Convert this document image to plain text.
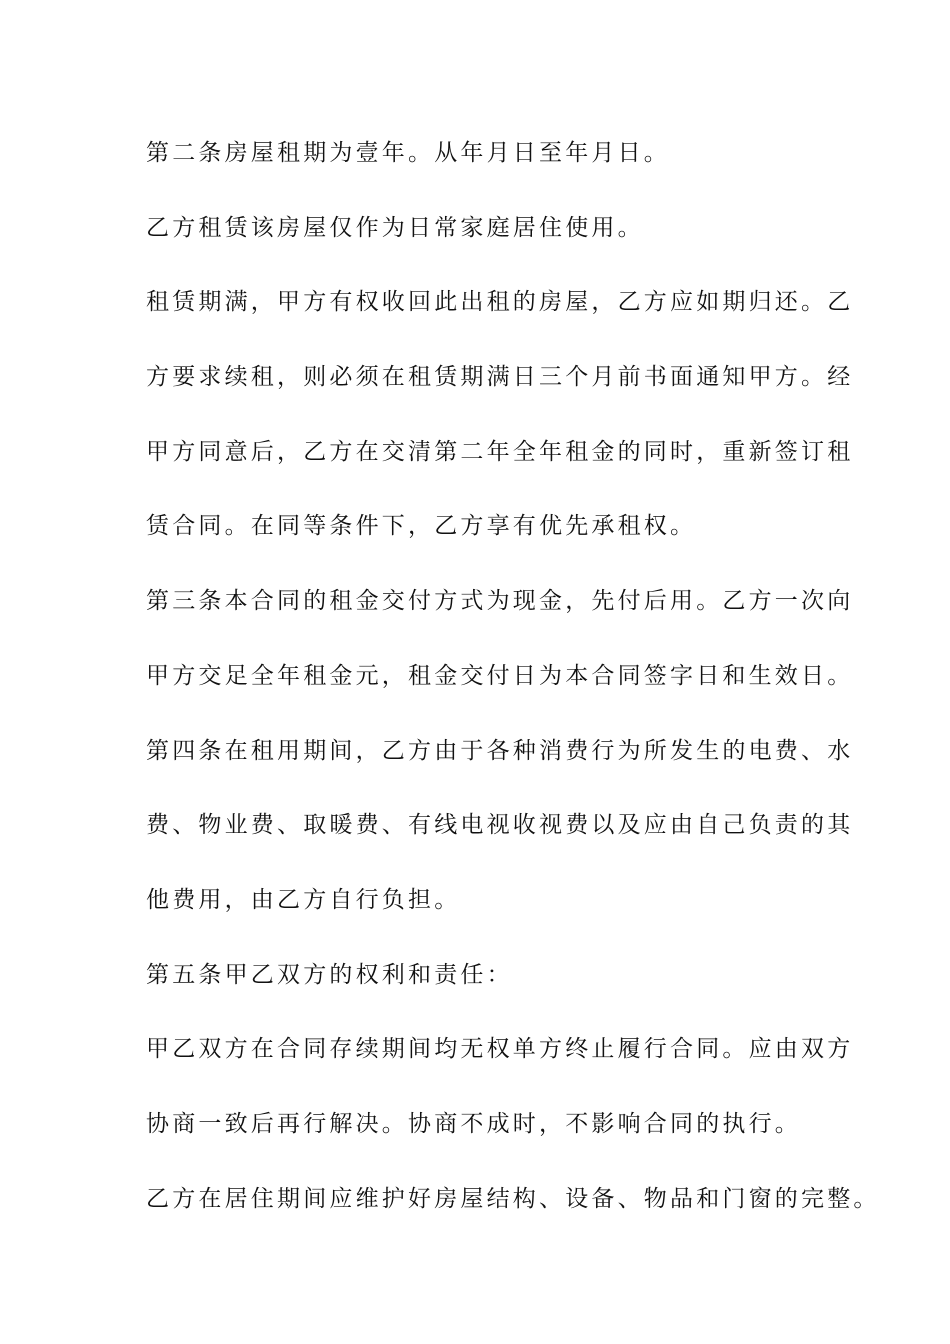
第二条房屋租期为壹年。从年月日至年月日。
乙方租赁该房屋仅作为日常家庭居住使用。
租赁期满，甲方有权收回此出租的房屋，乙方应如期归还。乙
方要求续租，则必须在租赁期满日三个月前书面通知甲方。经
甲方同意后，乙方在交清第二年全年租金的同时，重新签订租
赁合同。在同等条件下，乙方享有优先承租权。
第三条本合同的租金交付方式为现金，先付后用。乙方一次向
甲方交足全年租金元，租金交付日为本合同签字日和生效日。
第四条在租用期间，乙方由于各种消费行为所发生的电费、水
费、物业费、取暖费、有线电视收视费以及应由自己负责的其
他费用，由乙方自行负担。
第五条甲乙双方的权利和责任：
甲乙双方在合同存续期间均无权单方终止履行合同。应由双方
协商一致后再行解决。协商不成时，不影响合同的执行。
乙方在居住期间应维护好房屋结构、设备、物品和门窗的完整。
